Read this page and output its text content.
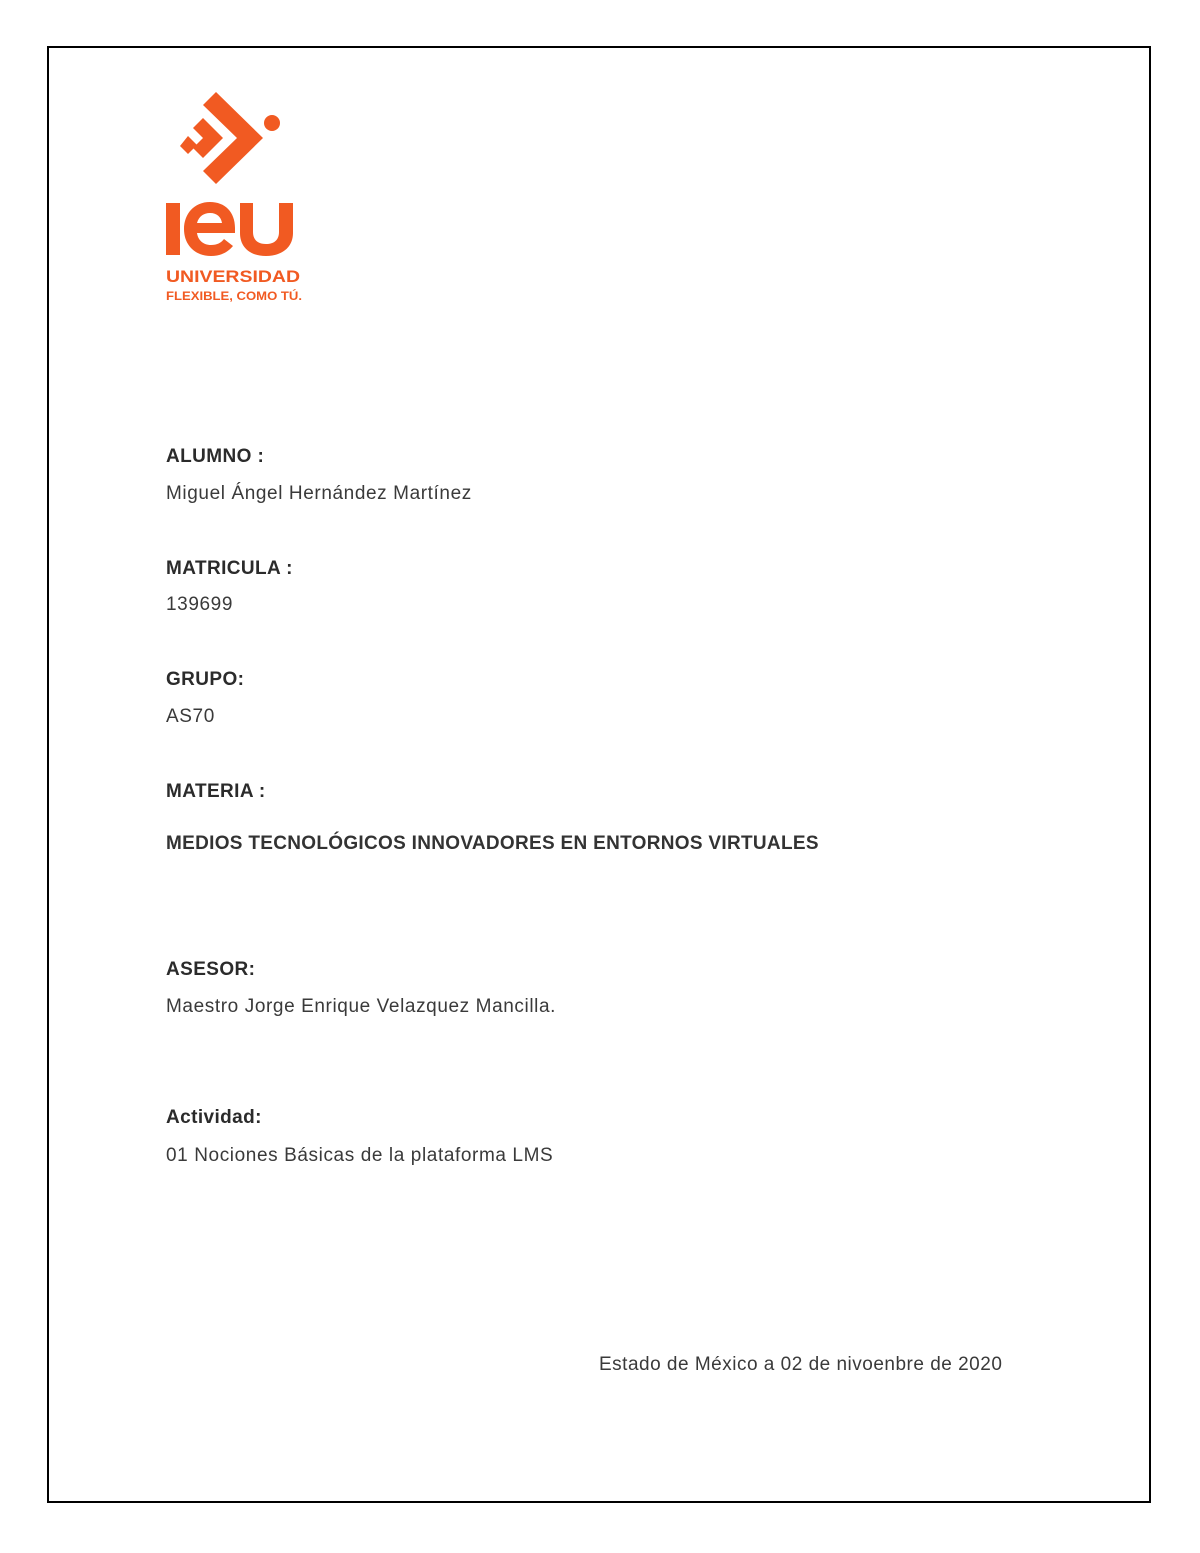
UNIVERSIDAD
FLEXIBLE, COMO TÚ.
ALUMNO :
Miguel Ángel Hernández Martínez
MATRICULA :
139699
GRUPO:
AS70
MATERIA :
MEDIOS TECNOLÓGICOS INNOVADORES EN ENTORNOS VIRTUALES
ASESOR:
Maestro Jorge Enrique Velazquez Mancilla.
Actividad:
01 Nociones Básicas de la plataforma LMS
Estado de México a 02 de nivoenbre de 2020
